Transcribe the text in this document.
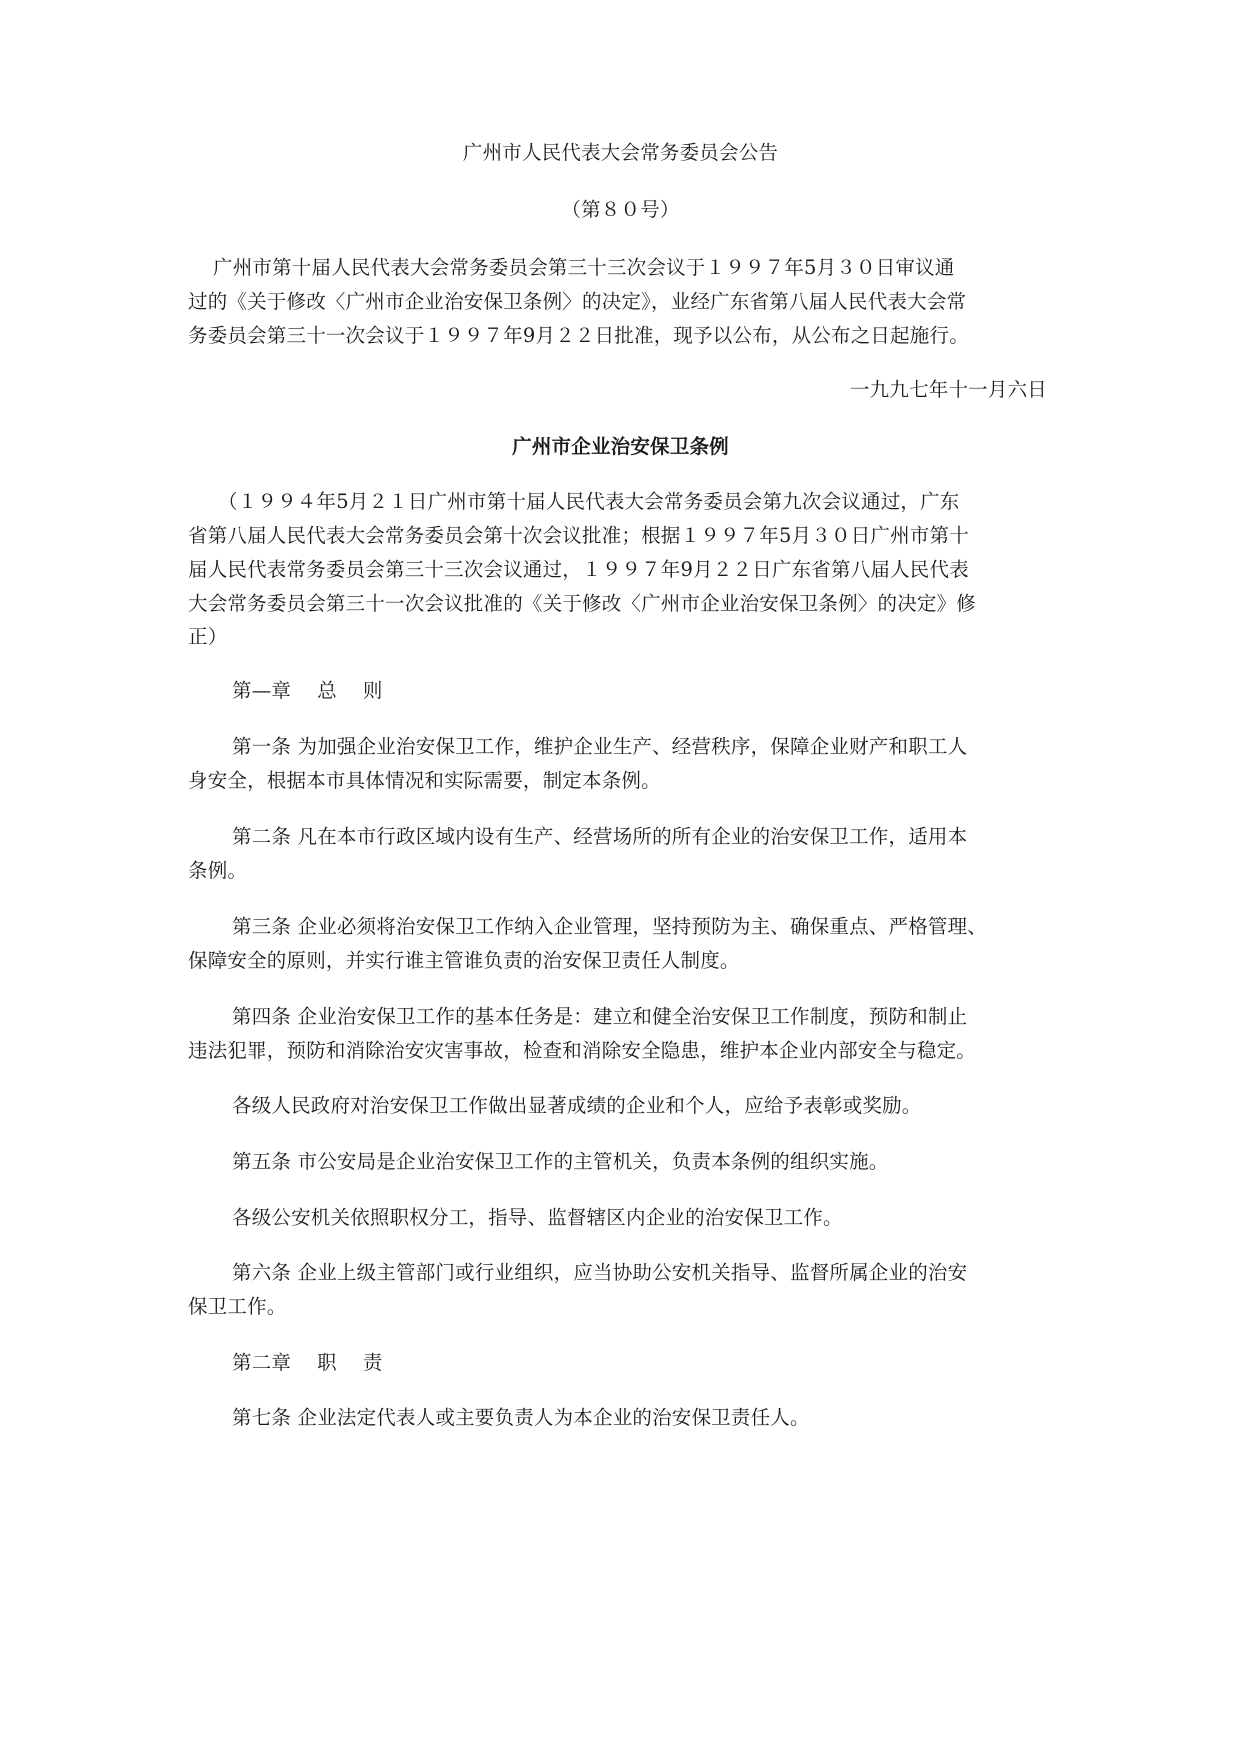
广州市人民代表大会常务委员会公告
（第８０号）
广州市第十届人民代表大会常务委员会第三十三次会议于１９９７年5月３０日审议通
过的《关于修改〈广州市企业治安保卫条例〉的决定》，业经广东省第八届人民代表大会常
务委员会第三十一次会议于１９９７年9月２２日批准，现予以公布，从公布之日起施行。
一九九七年十一月六日
广州市企业治安保卫条例
（１９９４年5月２１日广州市第十届人民代表大会常务委员会第九次会议通过，广东
省第八届人民代表大会常务委员会第十次会议批准；根据１９９７年5月３０日广州市第十
届人民代表常务委员会第三十三次会议通过，１９９７年9月２２日广东省第八届人民代表
大会常务委员会第三十一次会议批准的《关于修改〈广州市企业治安保卫条例〉的决定》修
正）
第—章 总 则
第一条 为加强企业治安保卫工作，维护企业生产、经营秩序，保障企业财产和职工人
身安全，根据本市具体情况和实际需要，制定本条例。
第二条 凡在本市行政区域内设有生产、经营场所的所有企业的治安保卫工作，适用本
条例。
第三条 企业必须将治安保卫工作纳入企业管理，坚持预防为主、确保重点、严格管理、
保障安全的原则，并实行谁主管谁负责的治安保卫责任人制度。
第四条 企业治安保卫工作的基本任务是：建立和健全治安保卫工作制度，预防和制止
违法犯罪，预防和消除治安灾害事故，检查和消除安全隐患，维护本企业内部安全与稳定。
各级人民政府对治安保卫工作做出显著成绩的企业和个人，应给予表彰或奖励。
第五条 市公安局是企业治安保卫工作的主管机关，负责本条例的组织实施。
各级公安机关依照职权分工，指导、监督辖区内企业的治安保卫工作。
第六条 企业上级主管部门或行业组织，应当协助公安机关指导、监督所属企业的治安
保卫工作。
第二章 职 责
第七条 企业法定代表人或主要负责人为本企业的治安保卫责任人。
